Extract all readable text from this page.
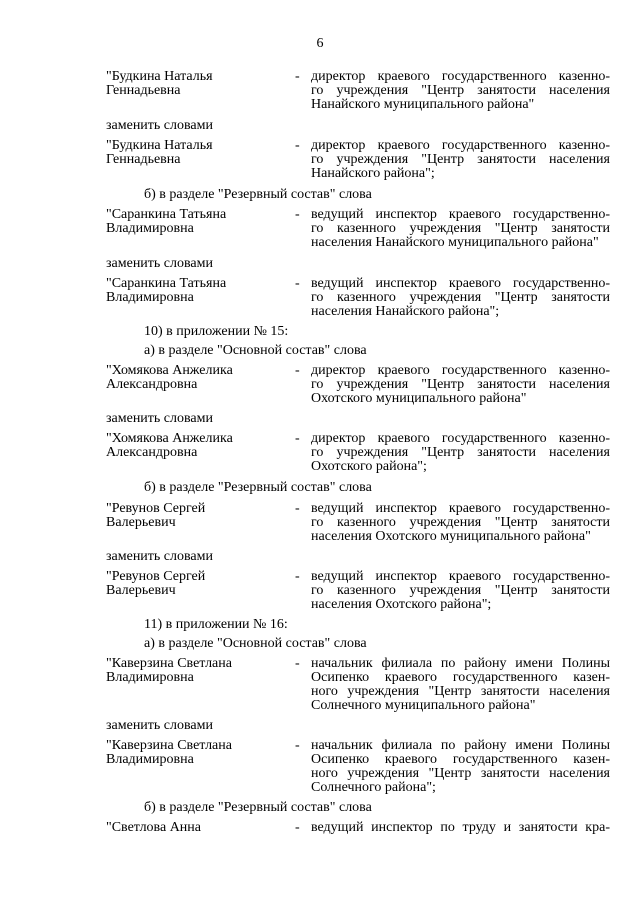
6
"Будкина Наталья
Геннадьевна
- директор краевого государственного казенно-
го учреждения "Центр занятости населения
Нанайского муниципального района"
заменить словами
"Будкина Наталья
Геннадьевна
- директор краевого государственного казенно-
го учреждения "Центр занятости населения
Нанайского района";
б) в разделе "Резервный состав" слова
"Саранкина Татьяна
Владимировна
- ведущий инспектор краевого государственно-
го казенного учреждения "Центр занятости
населения Нанайского муниципального района"
заменить словами
"Саранкина Татьяна
Владимировна
- ведущий инспектор краевого государственно-
го казенного учреждения "Центр занятости
населения Нанайского района";
10) в приложении № 15:
а) в разделе "Основной состав" слова
"Хомякова Анжелика
Александровна
- директор краевого государственного казенно-
го учреждения "Центр занятости населения
Охотского муниципального района"
заменить словами
"Хомякова Анжелика
Александровна
- директор краевого государственного казенно-
го учреждения "Центр занятости населения
Охотского района";
б) в разделе "Резервный состав" слова
"Ревунов Сергей
Валерьевич
- ведущий инспектор краевого государственно-
го казенного учреждения "Центр занятости
населения Охотского муниципального района"
заменить словами
"Ревунов Сергей
Валерьевич
- ведущий инспектор краевого государственно-
го казенного учреждения "Центр занятости
населения Охотского района";
11) в приложении № 16:
а) в разделе "Основной состав" слова
"Каверзина Светлана
Владимировна
- начальник филиала по району имени Полины
Осипенко краевого государственного казен-
ного учреждения "Центр занятости населения
Солнечного муниципального района"
заменить словами
"Каверзина Светлана
Владимировна
- начальник филиала по району имени Полины
Осипенко краевого государственного казен-
ного учреждения "Центр занятости населения
Солнечного района";
б) в разделе "Резервный состав" слова
"Светлова Анна	- ведущий инспектор по труду и занятости кра-
